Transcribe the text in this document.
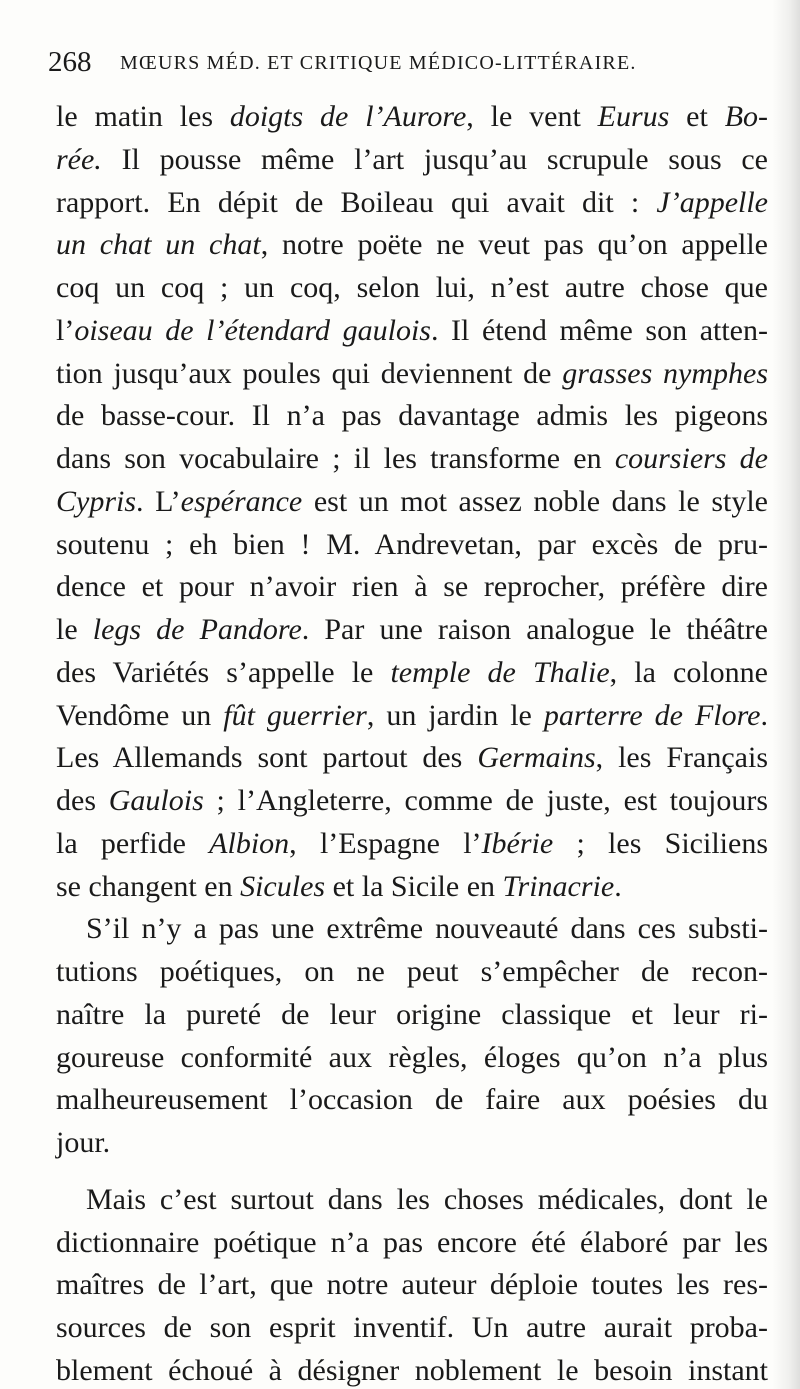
268 MŒURS MÉD. ET CRITIQUE MÉDICO-LITTÉRAIRE.
le matin les doigts de l’Aurore, le vent Eurus et Bo-
rée. Il pousse même l’art jusqu’au scrupule sous ce
rapport. En dépit de Boileau qui avait dit : J’appelle
un chat un chat, notre poëte ne veut pas qu’on appelle
coq un coq ; un coq, selon lui, n’est autre chose que
l’oiseau de l’étendard gaulois. Il étend même son atten-
tion jusqu’aux poules qui deviennent de grasses nymphes
de basse-cour. Il n’a pas davantage admis les pigeons
dans son vocabulaire ; il les transforme en coursiers de
Cypris. L’espérance est un mot assez noble dans le style
soutenu ; eh bien ! M. Andrevetan, par excès de pru-
dence et pour n’avoir rien à se reprocher, préfère dire
le legs de Pandore. Par une raison analogue le théâtre
des Variétés s’appelle le temple de Thalie, la colonne
Vendôme un fût guerrier, un jardin le parterre de Flore.
Les Allemands sont partout des Germains, les Français
des Gaulois ; l’Angleterre, comme de juste, est toujours
la perfide Albion, l’Espagne l’Ibérie ; les Siciliens
se changent en Sicules et la Sicile en Trinacrie.
S’il n’y a pas une extrême nouveauté dans ces substi-
tutions poétiques, on ne peut s’empêcher de recon-
naître la pureté de leur origine classique et leur ri-
goureuse conformité aux règles, éloges qu’on n’a plus
malheureusement l’occasion de faire aux poésies du
jour.
Mais c’est surtout dans les choses médicales, dont le
dictionnaire poétique n’a pas encore été élaboré par les
maîtres de l’art, que notre auteur déploie toutes les res-
sources de son esprit inventif. Un autre aurait proba-
blement échoué à désigner noblement le besoin instant
